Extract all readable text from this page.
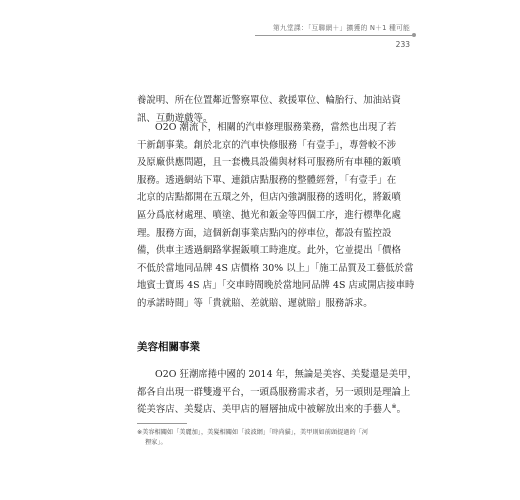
第九堂課：「互聯網＋」擴獲的 N＋1 種可能
233
養說明、所在位置鄰近警察單位、救援單位、輪胎行、加油站資
訊、互動遊戲等。
O2O 潮流下，相關的汽車修理服務業務，當然也出現了若
干新創事業。創於北京的汽車快修服務「有壹手」，專營較不涉
及原廠供應問題，且一套機具設備與材料可服務所有車種的鈑噴
服務。透過網站下單、連鎖店點服務的整體經營，「有壹手」在
北京的店點都開在五環之外，但店內強調服務的透明化，將鈑噴
區分爲底材處理、噴塗、拋光和鈑金等四個工序，進行標準化處
理。服務方面，這個新創事業店點內的停車位，都設有監控設
備，供車主透過網路掌握鈑噴工時進度。此外，它並提出「價格
不低於當地同品牌 4S 店價格 30% 以上」「施工品質及工藝低於當
地賓士寶馬 4S 店」「交車時間晚於當地同品牌 4S 店或開店接車時
的承諾時間」等「貴就賠、差就賠、遲就賠」服務訴求。
美容相關事業
O2O 狂潮席捲中國的 2014 年，無論是美容、美髮還是美甲，
都各自出現一群雙邊平台，一頭爲服務需求者，另一頭則是理論上
從美容店、美髮店、美甲店的層層抽成中被解放出來的手藝人※。
※美容相關如「美麗加」，美髮相關如「波波網」「時尚貓」，美甲則如前頭提過的「河
狸家」。
